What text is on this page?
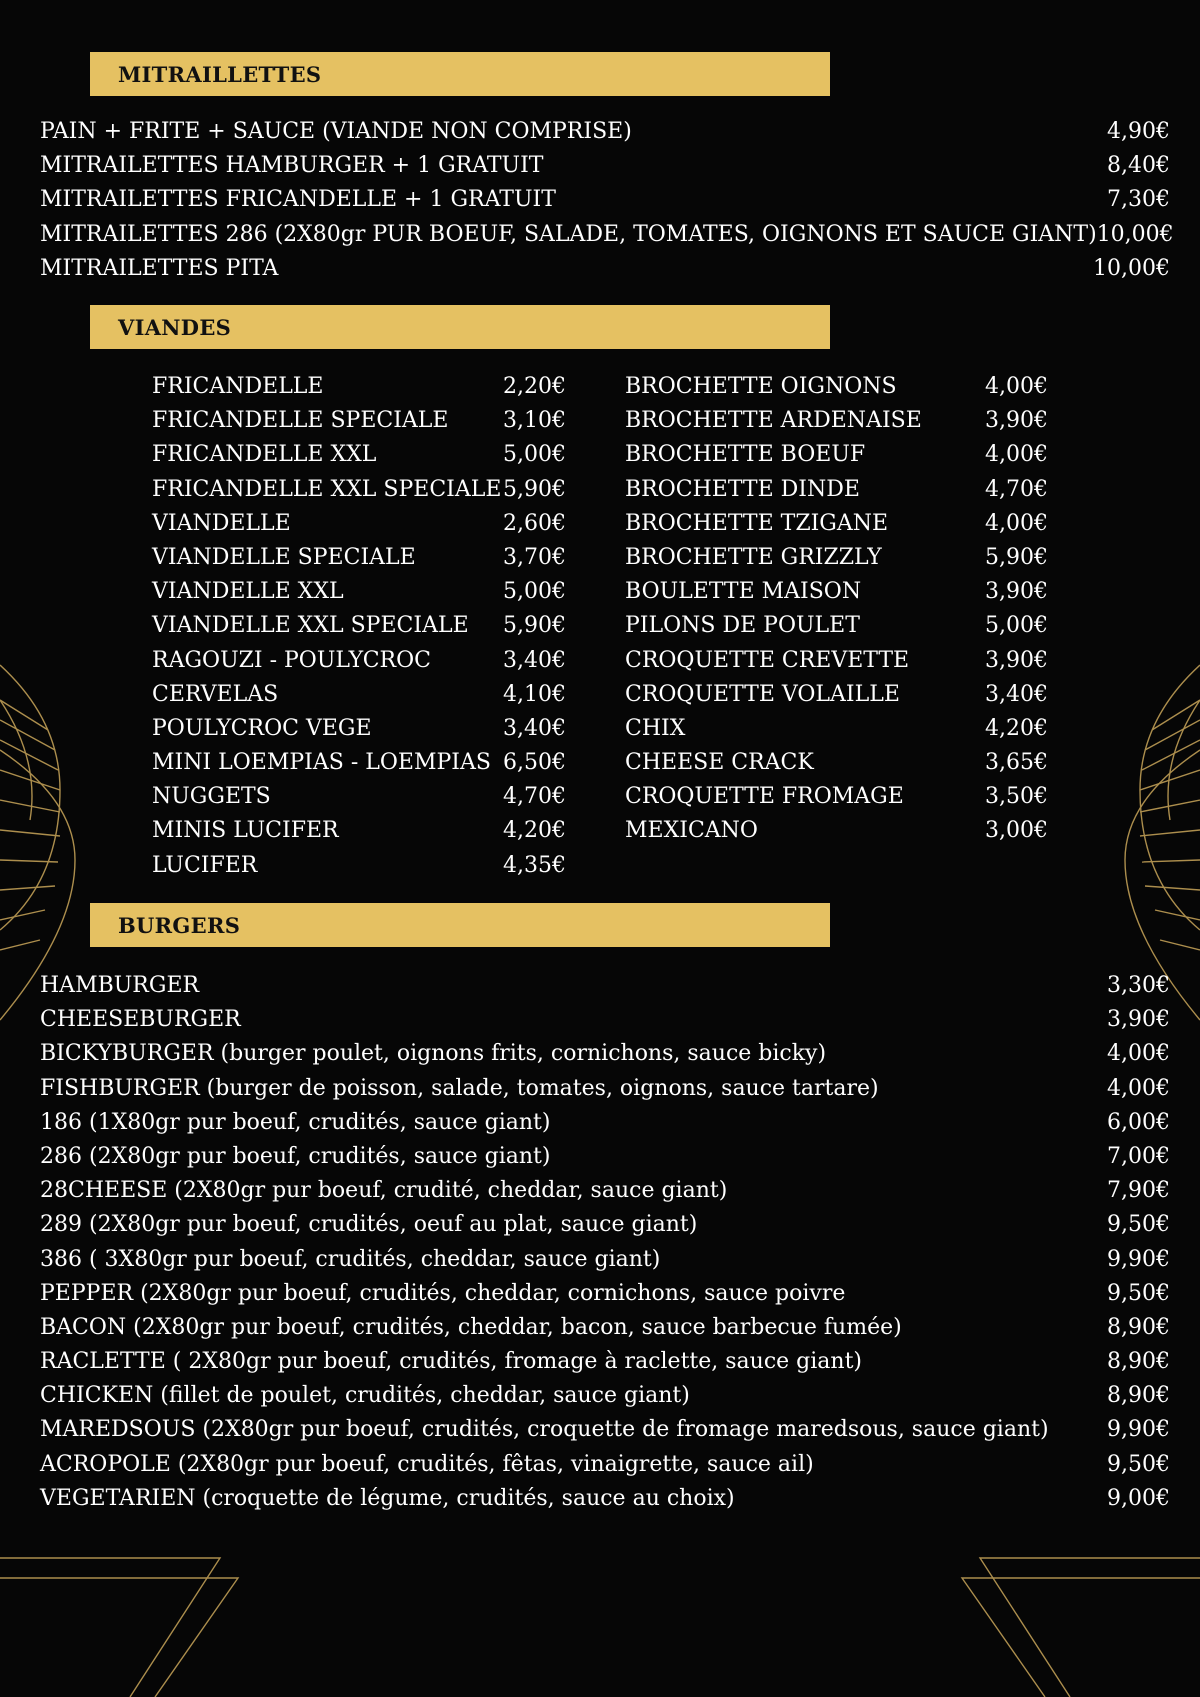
MITRAILLETTES
PAIN + FRITE + SAUCE (VIANDE NON COMPRISE)	4,90€
MITRAILETTES HAMBURGER + 1 GRATUIT	8,40€
MITRAILETTES FRICANDELLE + 1 GRATUIT	7,30€
MITRAILETTES 286 (2X80gr PUR BOEUF, SALADE, TOMATES, OIGNONS ET SAUCE GIANT) 10,00€
MITRAILETTES PITA	10,00€
VIANDES
FRICANDELLE	2,20€
FRICANDELLE SPECIALE 3,10€
FRICANDELLE XXL	5,00€
FRICANDELLE XXL SPECIALE 5,90€
VIANDELLE	2,60€
VIANDELLE SPECIALE	3,70€
VIANDELLE XXL	5,00€
VIANDELLE XXL SPECIALE 5,90€
RAGOUZI - POULYCROC	3,40€
CERVELAS	4,10€
POULYCROC VEGE	3,40€
MINI LOEMPIAS - LOEMPIAS 6,50€
NUGGETS	4,70€
MINIS LUCIFER	4,20€
LUCIFER	4,35€
BROCHETTE OIGNONS	4,00€
BROCHETTE ARDENAISE	3,90€
BROCHETTE BOEUF	4,00€
BROCHETTE DINDE	4,70€
BROCHETTE TZIGANE	4,00€
BROCHETTE GRIZZLY	5,90€
BOULETTE MAISON	3,90€
PILONS DE POULET	5,00€
CROQUETTE CREVETTE	3,90€
CROQUETTE VOLAILLE	3,40€
CHIX	4,20€
CHEESE CRACK	3,65€
CROQUETTE FROMAGE	3,50€
MEXICANO	3,00€
BURGERS
HAMBURGER	3,30€
CHEESEBURGER	3,90€
BICKYBURGER (burger poulet, oignons frits, cornichons, sauce bicky)	4,00€
FISHBURGER (burger de poisson, salade, tomates, oignons, sauce tartare)	4,00€
186 (1X80gr pur boeuf, crudités, sauce giant)	6,00€
286 (2X80gr pur boeuf, crudités, sauce giant)	7,00€
28CHEESE (2X80gr pur boeuf, crudité, cheddar, sauce giant)	7,90€
289 (2X80gr pur boeuf, crudités, oeuf au plat, sauce giant)	9,50€
386 ( 3X80gr pur boeuf, crudités, cheddar, sauce giant)	9,90€
PEPPER (2X80gr pur boeuf, crudités, cheddar, cornichons, sauce poivre	9,50€
BACON (2X80gr pur boeuf, crudités, cheddar, bacon, sauce barbecue fumée)	8,90€
RACLETTE ( 2X80gr pur boeuf, crudités, fromage à raclette, sauce giant)	8,90€
CHICKEN (fillet de poulet, crudités, cheddar, sauce giant)	8,90€
MAREDSOUS (2X80gr pur boeuf, crudités, croquette de fromage maredsous, sauce giant)	9,90€
ACROPOLE (2X80gr pur boeuf, crudités, fêtas, vinaigrette, sauce ail)	9,50€
VEGETARIEN (croquette de légume, crudités, sauce au choix)	9,00€
